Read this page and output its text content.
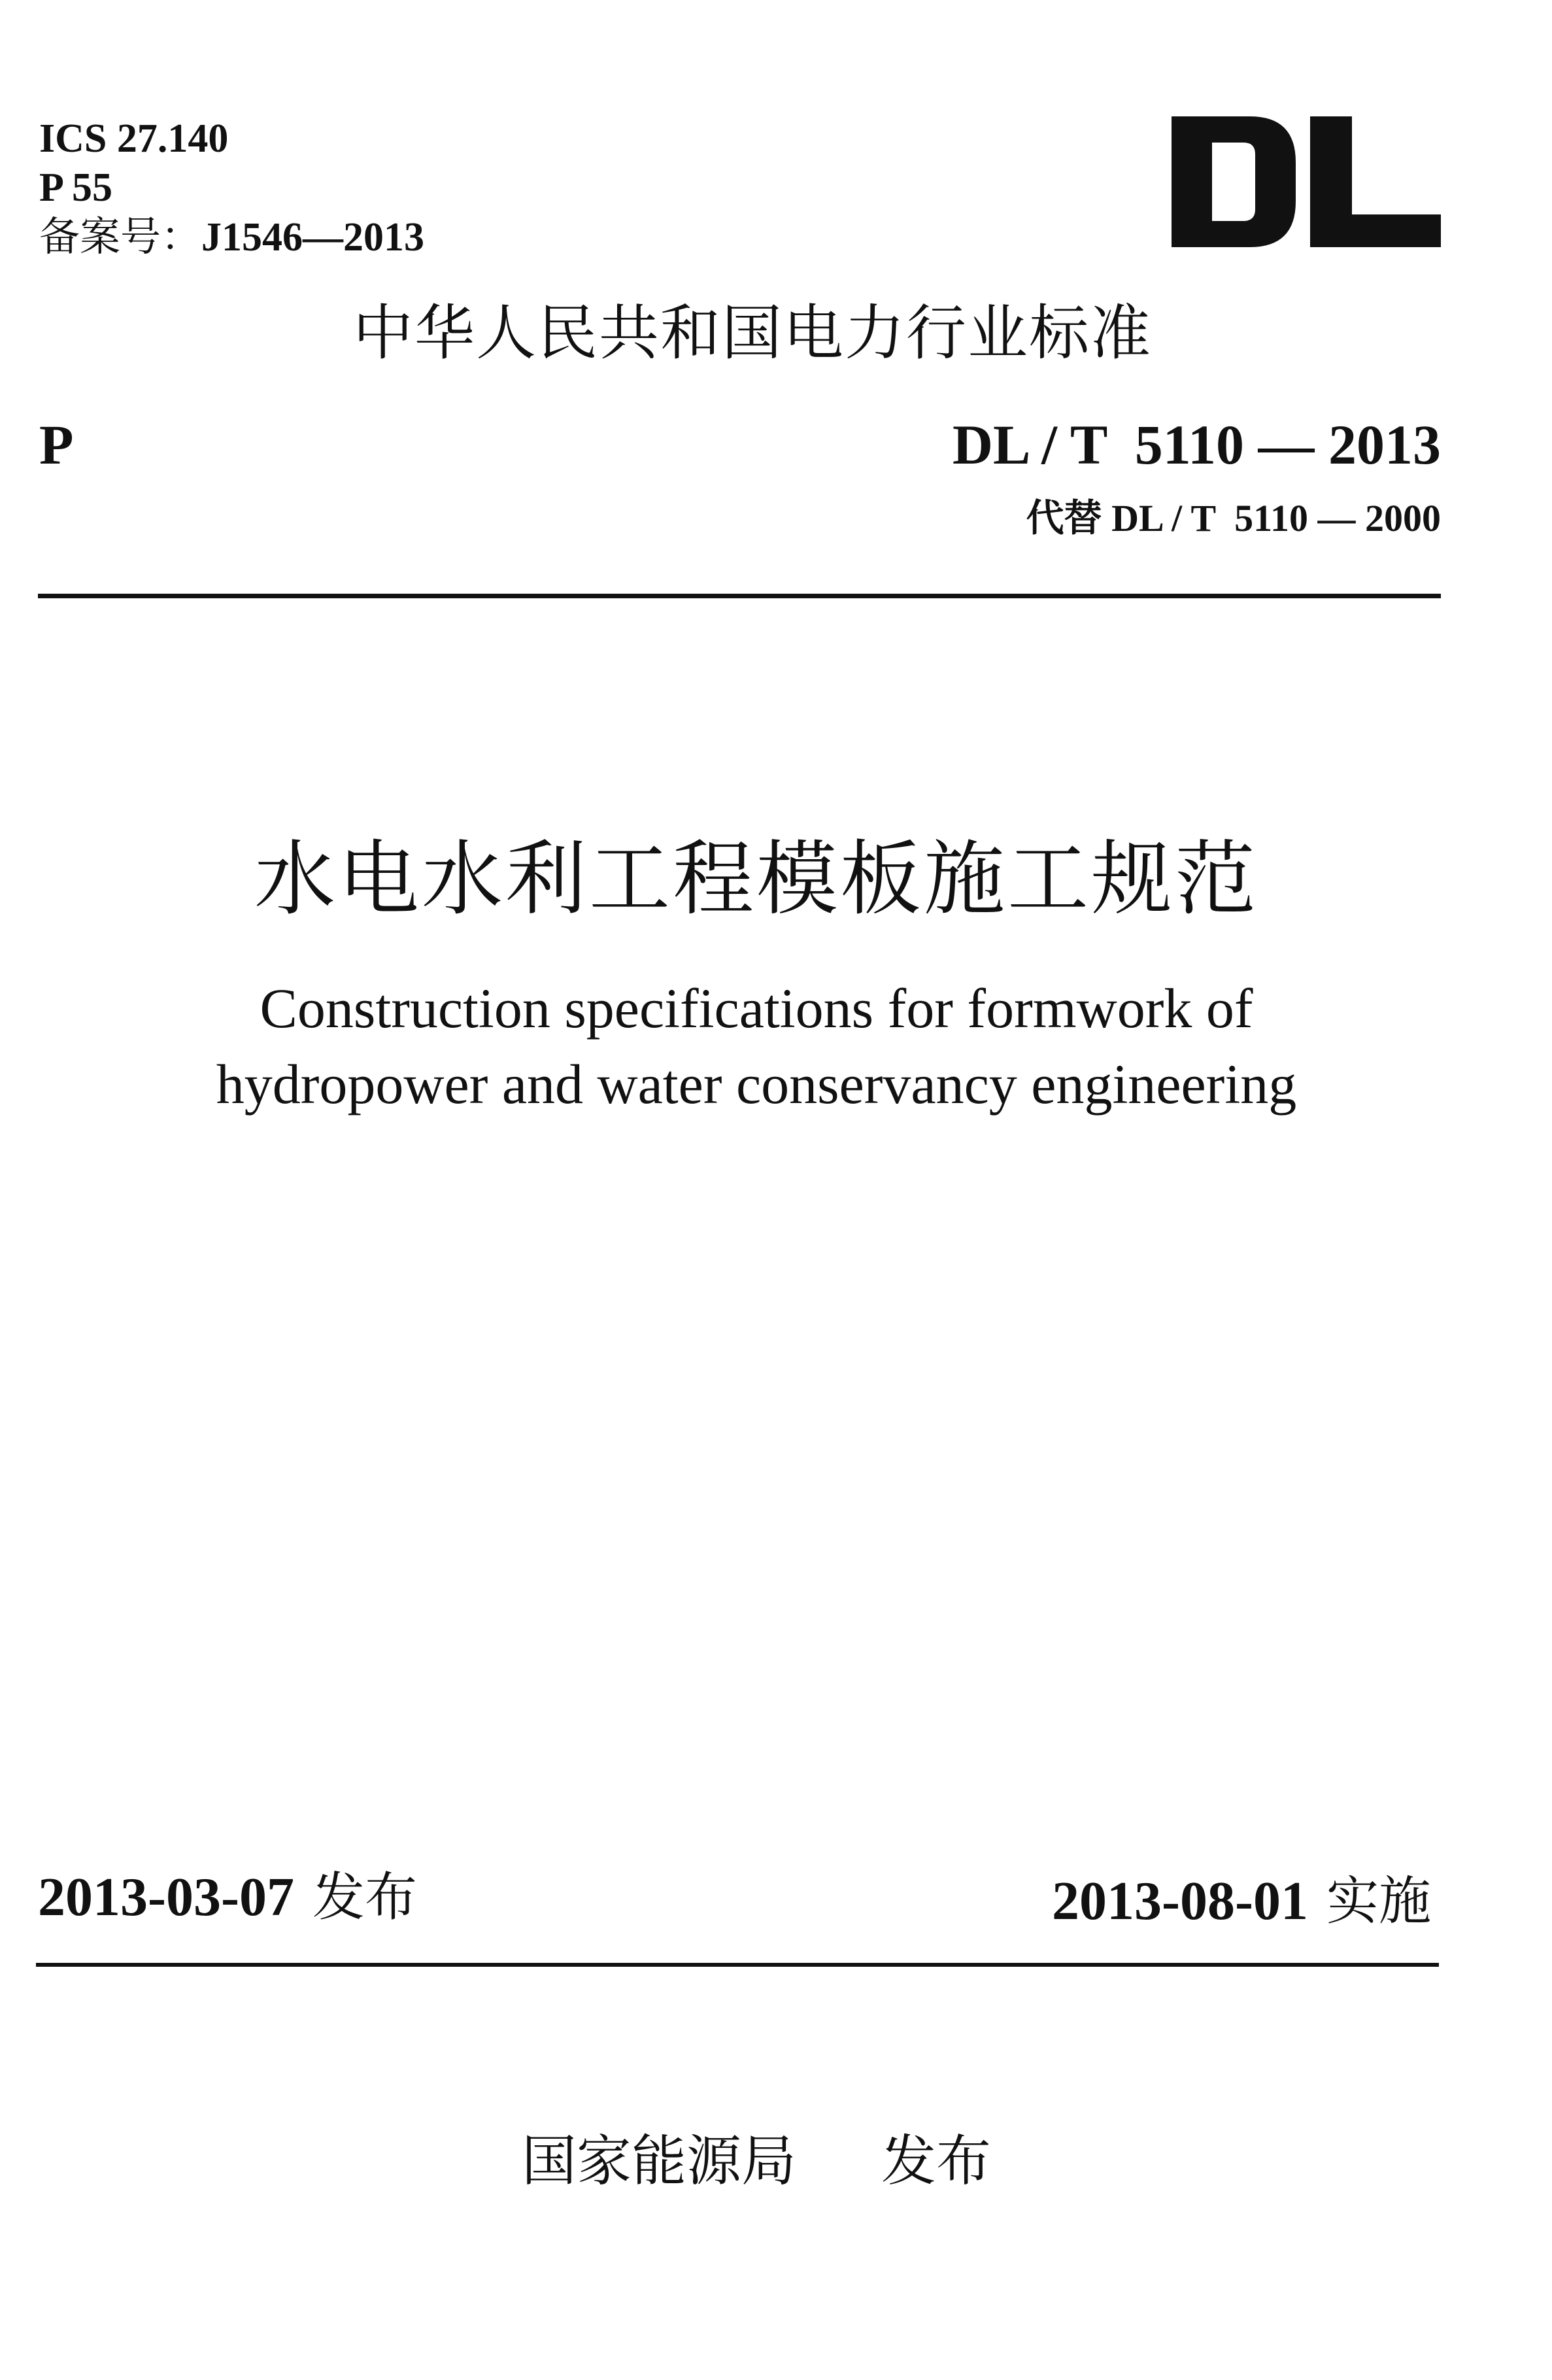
ICS 27.140
P 55
备案号：J1546—2013
中华人民共和国电力行业标准
P	DL / T  5110 — 2013
代替 DL / T  5110 — 2000
水电水利工程模板施工规范
Construction specifications for formwork of
hydropower and water conservancy engineering
2013-03-07 发布	2013-08-01 实施
国家能源局 发布
